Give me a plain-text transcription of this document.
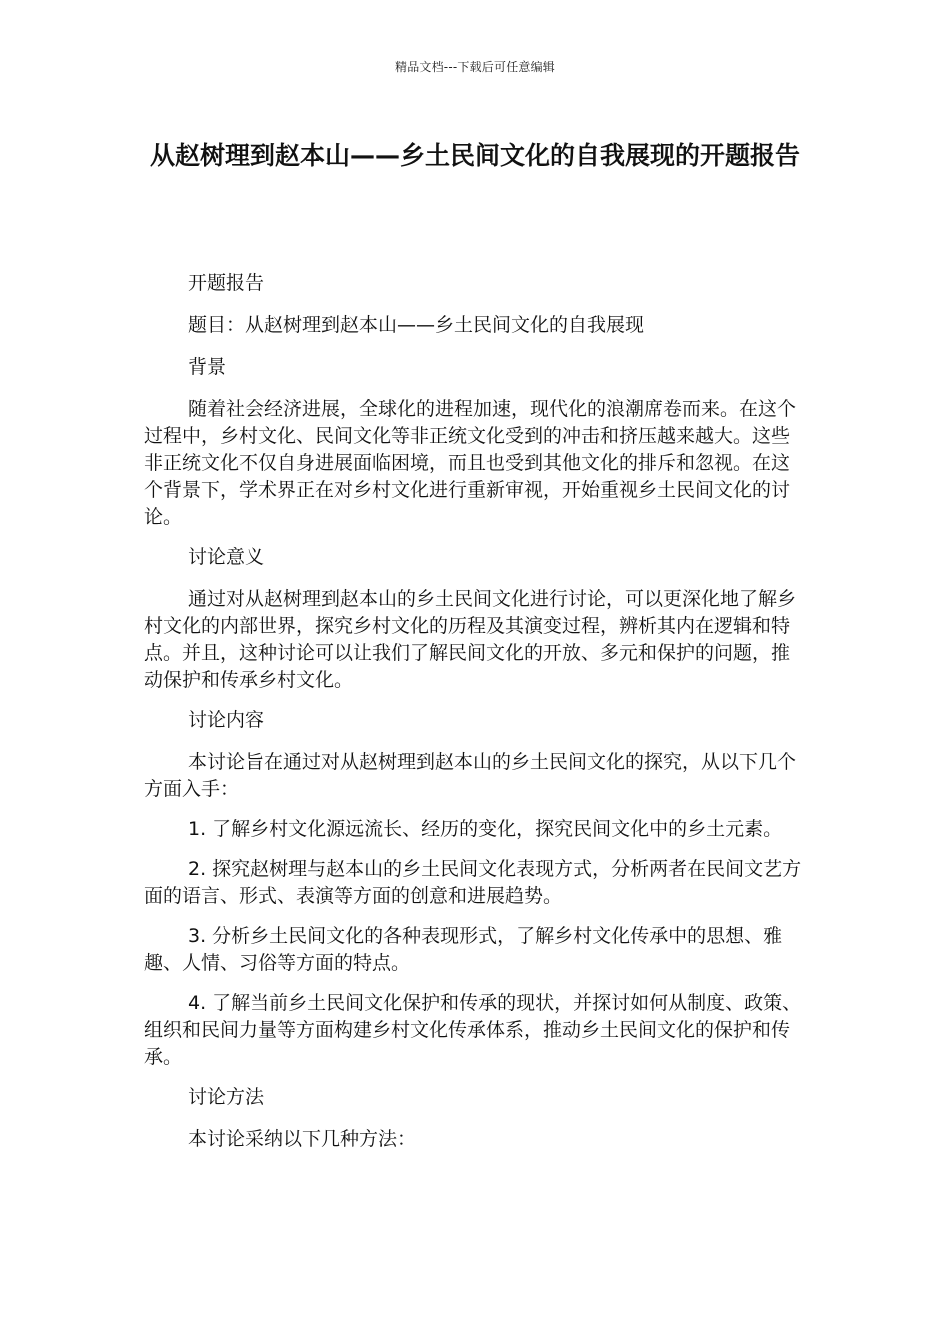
精品文档---下载后可任意编辑
从赵树理到赵本山——乡土民间文化的自我展现的开题报告

开题报告

题目：从赵树理到赵本山——乡土民间文化的自我展现

背景

随着社会经济进展，全球化的进程加速，现代化的浪潮席卷而来。在这个过程中，乡村文化、民间文化等非正统文化受到的冲击和挤压越来越大。这些非正统文化不仅自身进展面临困境，而且也受到其他文化的排斥和忽视。在这个背景下，学术界正在对乡村文化进行重新审视，开始重视乡土民间文化的讨论。

讨论意义

通过对从赵树理到赵本山的乡土民间文化进行讨论，可以更深化地了解乡村文化的内部世界，探究乡村文化的历程及其演变过程，辨析其内在逻辑和特点。并且，这种讨论可以让我们了解民间文化的开放、多元和保护的问题，推动保护和传承乡村文化。

讨论内容

本讨论旨在通过对从赵树理到赵本山的乡土民间文化的探究，从以下几个方面入手：

1. 了解乡村文化源远流长、经历的变化，探究民间文化中的乡土元素。

2. 探究赵树理与赵本山的乡土民间文化表现方式，分析两者在民间文艺方面的语言、形式、表演等方面的创意和进展趋势。

3. 分析乡土民间文化的各种表现形式，了解乡村文化传承中的思想、雅趣、人情、习俗等方面的特点。

4. 了解当前乡土民间文化保护和传承的现状，并探讨如何从制度、政策、组织和民间力量等方面构建乡村文化传承体系，推动乡土民间文化的保护和传承。

讨论方法

本讨论采纳以下几种方法：
